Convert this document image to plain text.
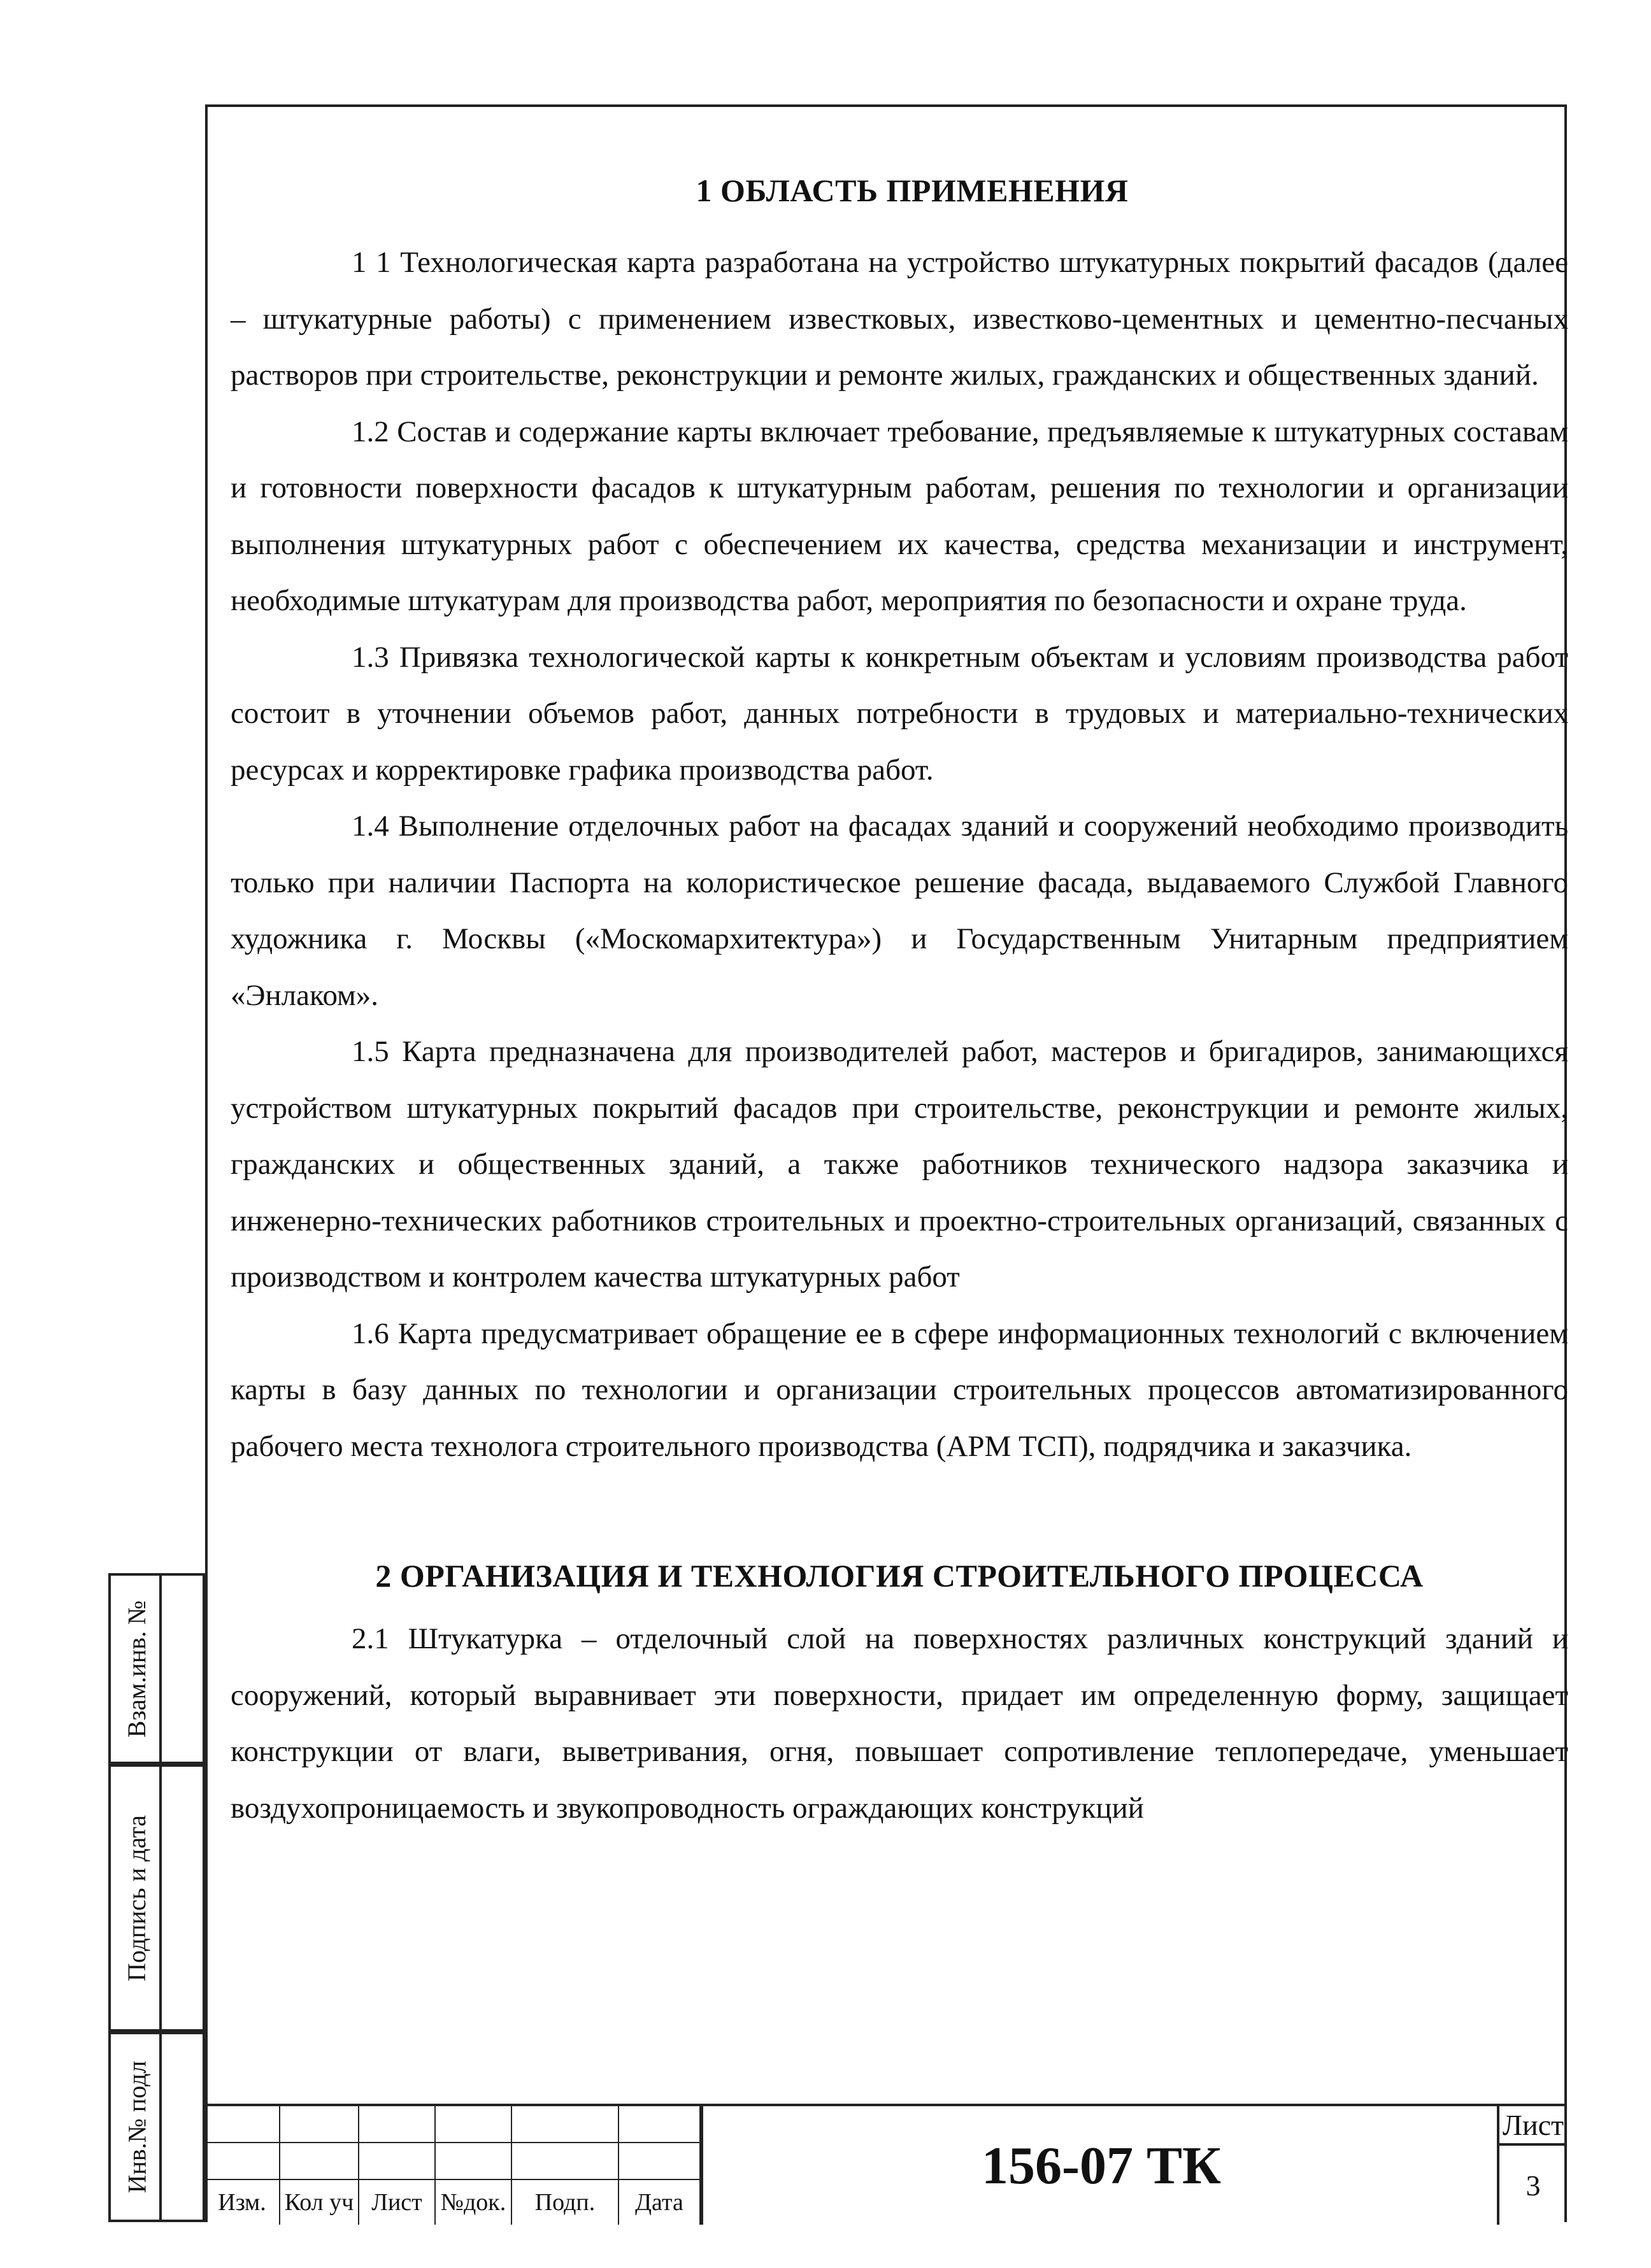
1 ОБЛАСТЬ ПРИМЕНЕНИЯ

1 1 Технологическая карта разработана на устройство штукатурных покрытий фасадов (далее – штукатурные работы) с применением известковых, известково-цементных и цементно-песчаных растворов при строительстве, реконструкции и ремонте жилых, гражданских и общественных зданий.

1.2 Состав и содержание карты включает требование, предъявляемые к штукатурных составам и готовности поверхности фасадов к штукатурным работам, решения по технологии и организации выполнения штукатурных работ с обеспечением их качества, средства механизации и инструмент, необходимые штукатурам для производства работ, мероприятия по безопасности и охране труда.

1.3 Привязка технологической карты к конкретным объектам и условиям производства работ состоит в уточнении объемов работ, данных потребности в трудовых и материально-технических ресурсах и корректировке графика производства работ.

1.4 Выполнение отделочных работ на фасадах зданий и сооружений необходимо производить только при наличии Паспорта на колористическое решение фасада, выдаваемого Службой Главного художника г. Москвы («Москомархитектура») и Государственным Унитарным предприятием «Энлаком».

1.5 Карта предназначена для производителей работ, мастеров и бригадиров, занимающихся устройством штукатурных покрытий фасадов при строительстве, реконструкции и ремонте жилых, гражданских и общественных зданий, а также работников технического надзора заказчика и инженерно-технических работников строительных и проектно-строительных организаций, связанных с производством и контролем качества штукатурных работ

1.6 Карта предусматривает обращение ее в сфере информационных технологий с включением карты в базу данных по технологии и организации строительных процессов автоматизированного рабочего места технолога строительного производства (АРМ ТСП), подрядчика и заказчика.

2 ОРГАНИЗАЦИЯ И ТЕХНОЛОГИЯ СТРОИТЕЛЬНОГО ПРОЦЕССА

2.1 Штукатурка – отделочный слой на поверхностях различных конструкций зданий и сооружений, который выравнивает эти поверхности, придает им определенную форму, защищает конструкции от влаги, выветривания, огня, повышает сопротивление теплопередаче, уменьшает воздухопроницаемость и звукопроводность ограждающих конструкций

Взам.инв. №
Подпись и дата
Инв.№ подл
Изм. Кол уч Лист №док.	Подп.	Дата
156-07 ТК
Лист
3
